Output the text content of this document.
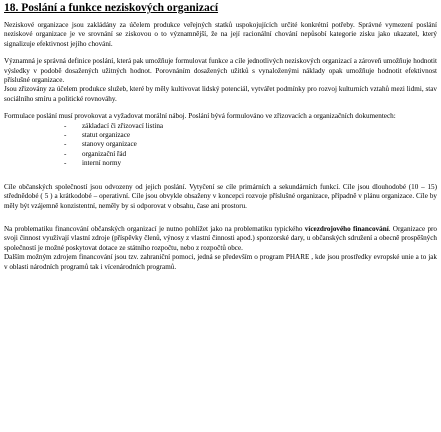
18. Poslání a funkce neziskových organizací

Neziskové organizace jsou zakládány za účelem produkce veřejných statků uspokojujících určité konkrétní potřeby. Správné vymezení poslání neziskové organizace je ve srovnání se ziskovou o to významnější, že na její racionální chování nepůsobí kategorie zisku jako ukazatel, který signalizuje efektivnost jejího chování.

Významná je správná definice poslání, která pak umožňuje formulovat funkce a cíle jednotlivých neziskových organizací a zároveň umožňuje hodnotit výsledky v podobě dosažených užitných hodnot. Porovnáním dosažených užitků s vynaloženými náklady opak umožňuje hodnotit efektivnost příslušné organizace.

Jsou zřizovány za účelem produkce služeb, které by měly kultivovat lidský potenciál, vytvářet podmínky pro rozvoj kulturních vztahů mezi lidmi, stav sociálního smíru a politické rovnováhy.

Formulace poslání musí provokovat a vyžadovat morální náboj. Poslání bývá formulováno ve zřizovacích a organizačních dokumentech:

- základací či zřizovací listina
- statut organizace
- stanovy organizace
- organizační řád
- interní normy

Cíle občanských společností jsou odvozeny od jejich poslání. Vytyčení se cíle primárních a sekundárních funkcí. Cíle jsou dlouhodobé (10 – 15) střednědobé ( 5 ) a krátkodobé – operativní. Cíle jsou obvykle obsaženy v koncepci rozvoje příslušné organizace, případně v plánu organizace. Cíle by měly být vzájemně konzistentní, neměly by si odporovat v obsahu, čase ani prostoru.

Na problematiku financování občanských organizací je nutno pohlížet jako na problematiku typického vícezdrojového financování. Organizace pro svoji činnost využívají vlastní zdroje (příspěvky členů, výnosy z vlastní činnosti apod.) sponzorské dary, u občanských sdružení a obecně prospěšných společností je možné poskytovat dotace ze státního rozpočtu, nebo z rozpočtů obce.

Dalším možným zdrojem financování jsou tzv. zahraniční pomoci, jedná se především o program PHARE , kde jsou prostředky evropské unie a to jak v oblasti národních programů tak i vícenárodních programů.
